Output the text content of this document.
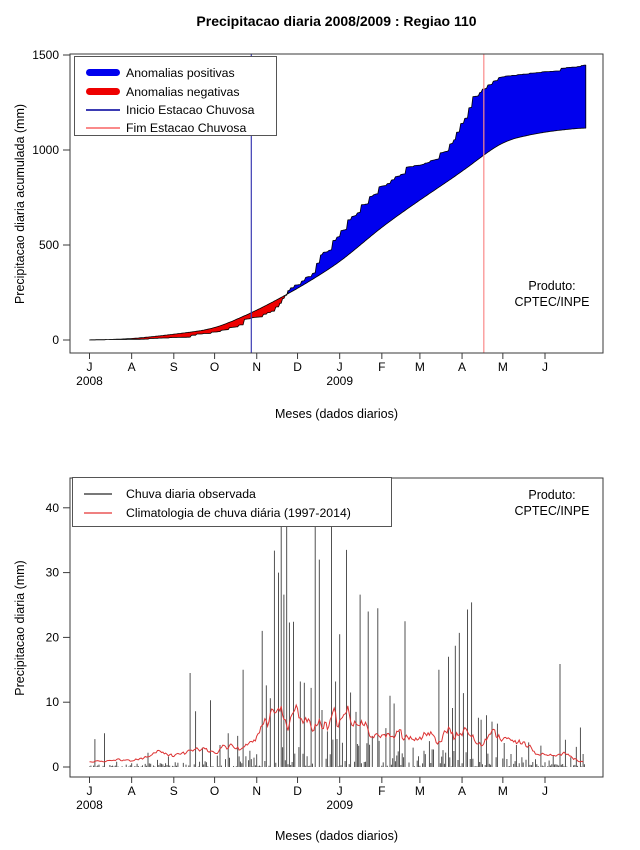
0
500
1000
1500
J	A	S	O	N	D	J	F M	A	M	J
2008	2009
0
10
20
30
40
J	A	S	O	N	D	J	F M	A	M	J
2008	2009
Precipitacao diaria 2008/2009 : Regiao 110
Precipitacao diaria acumulada (mm)
Meses (dados diarios)
Produto:
CPTEC/INPE
Anomalias positivas
Anomalias negativas
Inicio Estacao Chuvosa
Fim Estacao Chuvosa
Precipitacao diaria (mm)
Meses (dados diarios)
Produto:
CPTEC/INPE
Chuva diaria observada
Climatologia de chuva diária (1997-2014)
